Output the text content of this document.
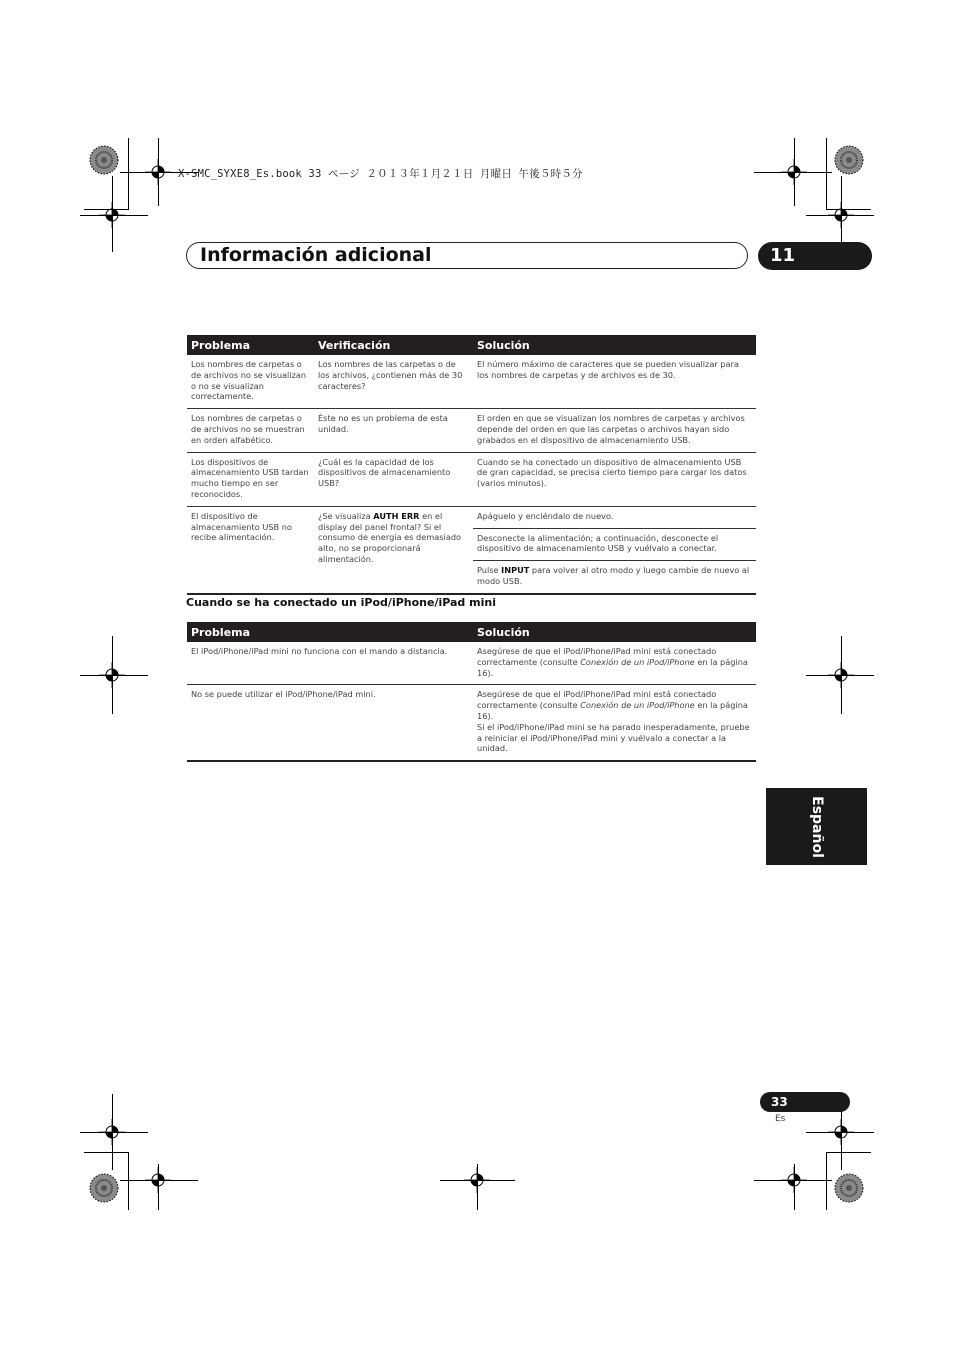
X-SMC_SYXE8_Es.book 33 ページ ２０１３年１月２１日 月曜日 午後５時５分
Información adicional	11
Problema	Verificación	Solución
Los nombres de carpetas o de archivos no se visualizan o no se visualizan correctamente.	Los nombres de las carpetas o de los archivos, ¿contienen más de 30 caracteres?	El número máximo de caracteres que se pueden visualizar para los nombres de carpetas y de archivos es de 30.
Los nombres de carpetas o de archivos no se muestran en orden alfabético.	Éste no es un problema de esta unidad.	El orden en que se visualizan los nombres de carpetas y archivos depende del orden en que las carpetas o archivos hayan sido grabados en el dispositivo de almacenamiento USB.
Los dispositivos de almacenamiento USB tardan mucho tiempo en ser reconocidos.	¿Cuál es la capacidad de los dispositivos de almacenamiento USB?	Cuando se ha conectado un dispositivo de almacenamiento USB de gran capacidad, se precisa cierto tiempo para cargar los datos (varios minutos).
El dispositivo de almacenamiento USB no recibe alimentación.	¿Se visualiza AUTH ERR en el display del panel frontal? Si el consumo de energía es demasiado alto, no se proporcionará alimentación.	Apáguelo y enciéndalo de nuevo.
		Desconecte la alimentación; a continuación, desconecte el dispositivo de almacenamiento USB y vuélvalo a conectar.
		Pulse INPUT para volver al otro modo y luego cambie de nuevo al modo USB.
Cuando se ha conectado un iPod/iPhone/iPad mini
Problema	Solución
El iPod/iPhone/iPad mini no funciona con el mando a distancia.	Asegúrese de que el iPod/iPhone/iPad mini está conectado correctamente (consulte Conexión de un iPod/iPhone en la página 16).
No se puede utilizar el iPod/iPhone/iPad mini.	Asegúrese de que el iPod/iPhone/iPad mini está conectado correctamente (consulte Conexión de un iPod/iPhone en la página 16).
Si el iPod/iPhone/iPad mini se ha parado inesperadamente, pruebe a reiniciar el iPod/iPhone/iPad mini y vuélvalo a conectar a la unidad.
Español
33
Es
